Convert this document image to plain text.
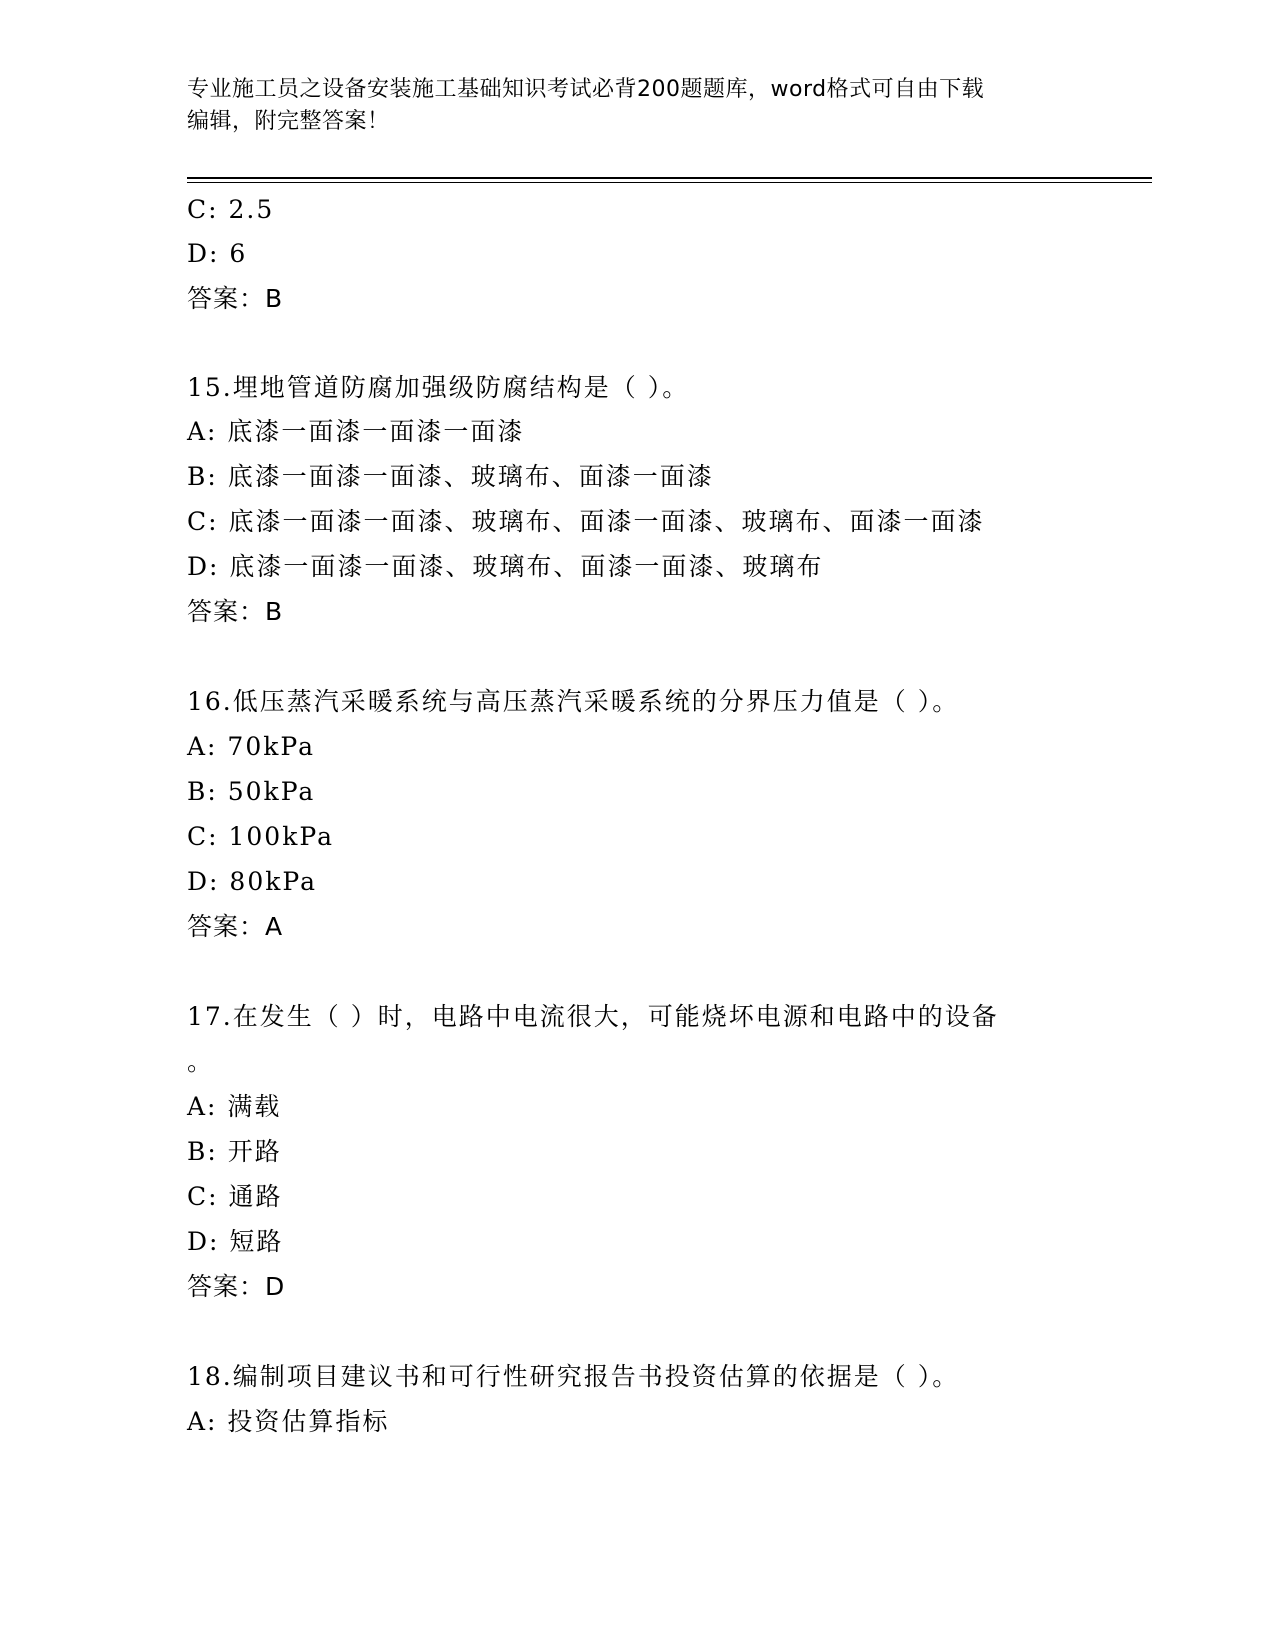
专业施工员之设备安装施工基础知识考试必背200题题库，word格式可自由下载
编辑，附完整答案！
C: 2.5
D: 6
答案：B
15.埋地管道防腐加强级防腐结构是（ ）。
A: 底漆一面漆一面漆一面漆
B: 底漆一面漆一面漆、玻璃布、面漆一面漆
C: 底漆一面漆一面漆、玻璃布、面漆一面漆、玻璃布、面漆一面漆
D: 底漆一面漆一面漆、玻璃布、面漆一面漆、玻璃布
答案：B
16.低压蒸汽采暖系统与高压蒸汽采暖系统的分界压力值是（ ）。
A: 70kPa
B: 50kPa
C: 100kPa
D: 80kPa
答案：A
17.在发生（ ）时，电路中电流很大，可能烧坏电源和电路中的设备
。
A: 满载
B: 开路
C: 通路
D: 短路
答案：D
18.编制项目建议书和可行性研究报告书投资估算的依据是（ ）。
A: 投资估算指标
